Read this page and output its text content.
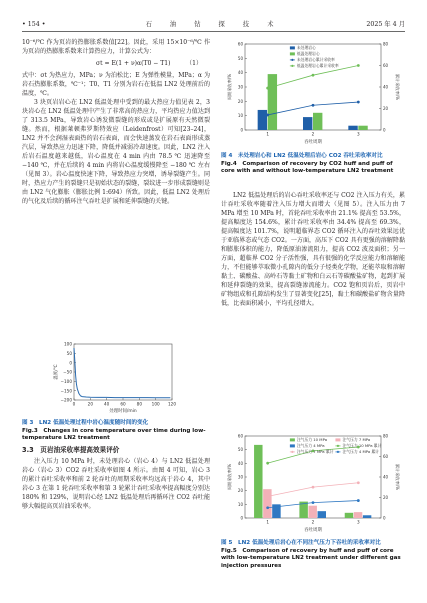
• 154 •	石 油 钻 探 技 术	2025 年 4 月

10⁻⁶/℃ 作为页岩的热膨胀系数值[22]。因此，采用 15×10⁻⁶/℃ 作为页岩的热膨胀系数来计算热应力，计算公式为：

σt = E(1 + ν)α(T0 − T1)	（1）

式中：σt 为热应力，MPa；ν 为泊松比；E 为弹性模量，MPa；α 为岩石热膨胀系数，℃⁻¹；T0、T1 分别为岩石在低温 LN2 处理前后的温度，℃。

3 块页岩岩心在 LN2 低温处理中受到的最大热应力值见表 2，3 块岩心在 LN2 低温处理中产生了非常高的热应力，平均热应力值达到了 313.5 MPa，导致岩心诱发微裂缝的形成或是扩展原有天然微裂缝。然而，根据莱顿弗罗斯特效应（Leidenfrost）可知[23–24]，LN2 并不会润湿表面热的岩石表面，而会快速蒸发在岩石表面形成蒸汽层，导致热应力迅速下降，降低并减弱冷却速度。因此，LN2 注入后岩石温度越来越低，岩心温度在 4 min 内由 78.5 ℃ 迅速降至 −140 ℃，并在后续的 4 min 内将岩心温度缓慢降至 −180 ℃ 左右（见图 3）。岩心温度快速下降，导致热应力突增，诱导裂缝产生。同时，热应力产生的裂缝只是初始状态的裂缝，裂纹进一步形成裂缝则是由 LN2 气化膨胀（膨胀比例 1:694）所致。因此，低温 LN2 处理后的气化及后续的循环注气吞吐是扩展和延伸裂缝的关键。

−200
−150
−100
−50
0
50
100
0	20	40	60	80 100 120
处理时间/min
温度/℃
图 3　LN2 低温处理过程中岩心温度随时间的变化
Fig.3　Changes in core temperature over time during low-temperature LN2 treatment
3.3　页岩油采收率提高效果评价

注入压力 10 MPa 时，未处理岩心（岩心 4）与 LN2 低温处理岩心（岩心 3）CO2 吞吐采收率如图 4 所示。由图 4 可知，岩心 3 的累计吞吐采收率和前 2 轮吞吐的周期采收率均远高于岩心 4，其中岩心 3 在第 1 轮吞吐采收率和第 3 轮累计吞吐采收率提高幅度分别达 180% 和 129%，说明岩心经 LN2 低温处理后再循环注 CO2 吞吐能够大幅提高页岩油采收率。

0
10
20
30
40
50
60
0
20
40
60
80
周期采收率/%	累计采收率/%
吞吐周期
1	2	3
未处理岩心
低温处理岩心
未处理岩心累计采收率
低温处理岩心累计采收率
图 4　未处理岩心和 LN2 低温处理后岩心 CO2 吞吐采收率对比
Fig.4　Comparison of recovery by CO2 huff and puff of core with and without low-temperature LN2 treatment

LN2 低温处理后的岩心吞吐采收率还与 CO2 注入压力有关，累计吞吐采收率随着注入压力增大而增大（见图 5）。注入压力由 7 MPa 增至 10 MPa 时，首轮吞吐采收率由 21.1% 提高至 53.5%，提高幅度达 154.6%，累计吞吐采收率由 34.4% 提高至 69.3%，提高幅度达 101.7%，说明超临界态 CO2 循环注入的吞吐效果远优于亚临界态或气态 CO2。一方面，高压下 CO2 具有更强的溶解降黏和膨胀体积的能力，降低原油渗流阻力，提高 CO2 波及面积；另一方面，超临界 CO2 分子活性强，具有很强的化学反应能力和溶解能力，不但能够萃取微小孔隙内的低分子烃类化学物，还能萃取和溶解黏土、碳酸盐、高岭石等黏土矿物和白云石等碳酸盐矿物，起到扩展和延伸裂缝的效果，提高裂缝渗流能力。CO2 饱和页岩后，页岩中矿物组成和孔隙结构发生了显著变化[25]，黏土和碳酸盐矿物含量降低，比表面积减小，平均孔径增大。

0
10
20
30
40
50
60
0
20
40
60
80
周期采收率/%	累计采收率/%
吞吐周期
1	2	3
注气压力 10 MPa	注气压力 7 MPa
注气压力 4 MPa	注气压力 10 MPa 累计
注气压力 7 MPa 累计 注气压力 4 MPa 累计
图 5　LN2 低温处理后岩心在不同注气压力下吞吐的采收率对比
Fig.5　Comparison of recovery by huff and puff of core with low-temperature LN2 treatment under different gas injection pressures
